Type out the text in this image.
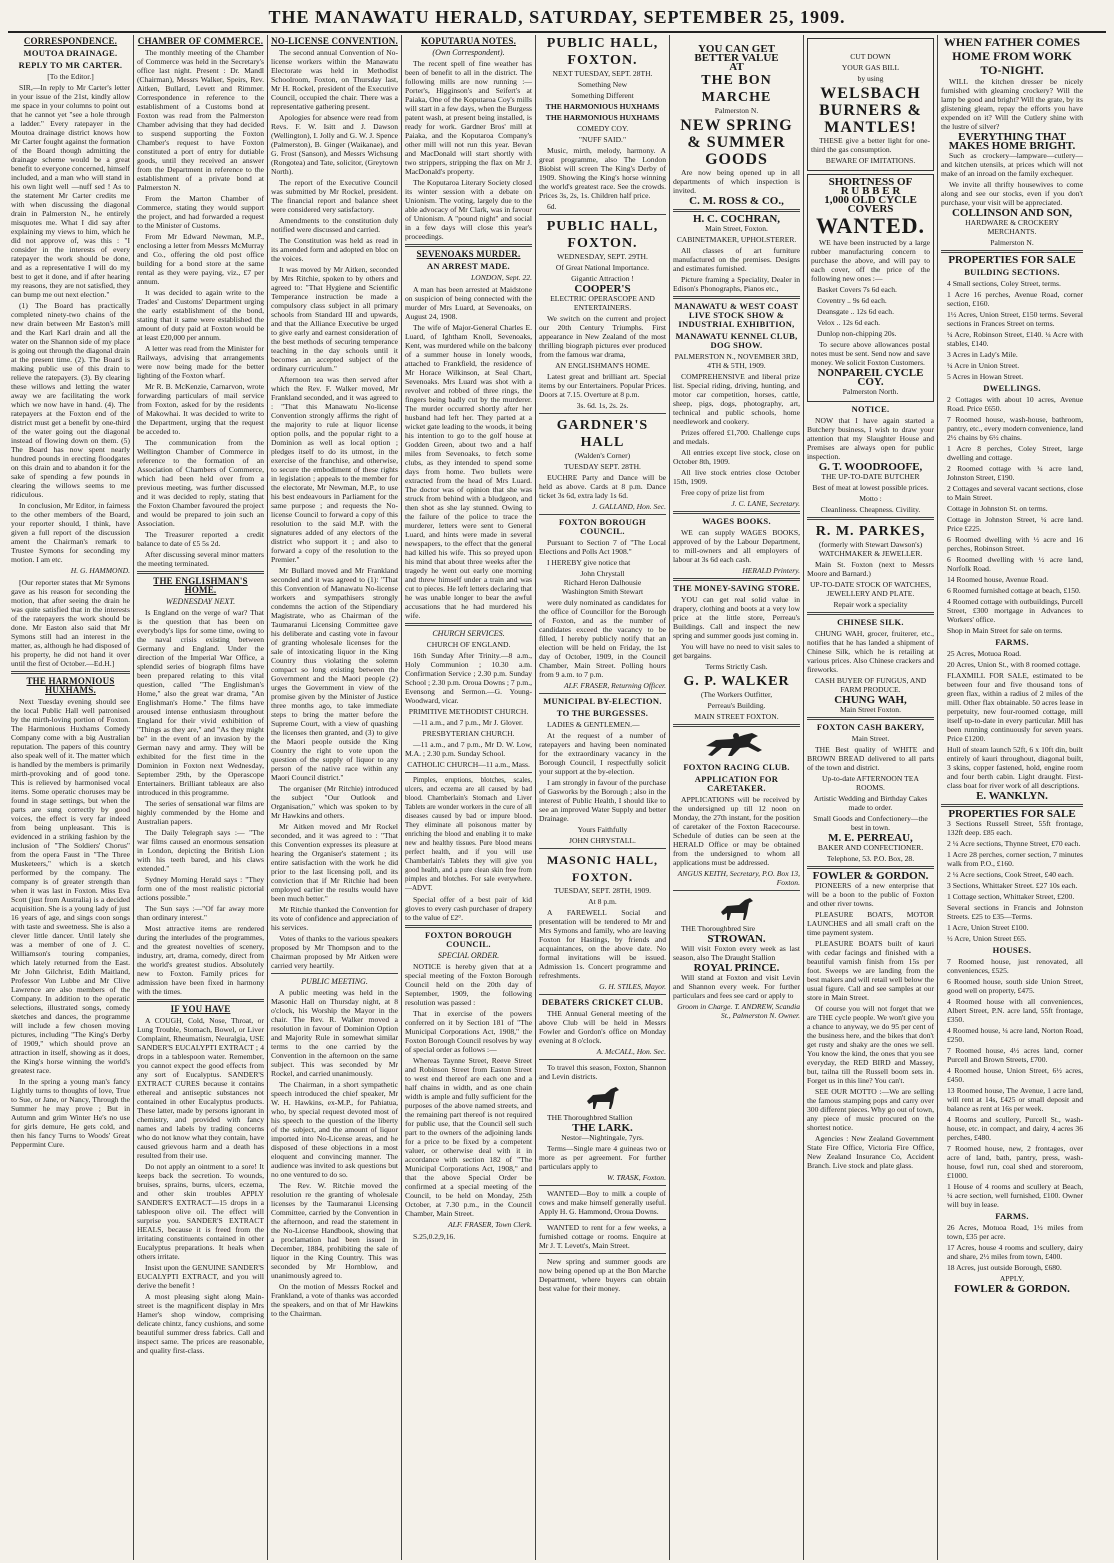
THE MANAWATU HERALD, SATURDAY, SEPTEMBER 25, 1909.
CORRESPONDENCE.
MOUTOA DRAINAGE.
REPLY TO MR CARTER.

[To the Editor.]

SIR,—In reply to Mr Carter's letter in your issue of the 21st, kindly allow me space in your columns to point out that he cannot yet "see a hole through a ladder." Every ratepayer in the Moutoa drainage district knows how Mr Carter fought against the formation of the Board though admitting the drainage scheme would be a great benefit to everyone concerned, himself included, and a man who will stand in his own light well —nuff sed ! As to the statement Mr Carter credits me with when discussing the diagonal drain in Palmerston N., he entirely misquotes me. What I did say after explaining my views to him, which he did not approve of, was this : "I consider in the interests of every ratepayer the work should be done, and as a representative I will do my best to get it done, and if after hearing my reasons, they are not satisfied, they can bump me out next election."

(1) The Board has practically completed ninety-two chains of the new drain between Mr Easton's mill and the Karl Karl drain and all the water on the Shannon side of my place is going out through the diagonal drain at the present time. (2). The Board is making public use of this drain to relieve the ratepayers. (3). By clearing these willows and letting the water away we are facilitating the work which we now have in hand. (4). The ratepayers at the Foxton end of the district must get a benefit by one-third of the water going out the diagonal instead of flowing down on them. (5) The Board has now spent nearly hundred pounds in erecting floodgates on this drain and to abandon it for the sake of spending a few pounds in clearing the willows seems to me ridiculous.

In conclusion, Mr Editor, in fairness to the other members of the Board, your reporter should, I think, have given a full report of the discussion ament the Chairman's remark to Trustee Symons for seconding my motion. I am etc.

H. G. HAMMOND.

[Our reporter states that Mr Symons gave as his reason for seconding the motion, that after seeing the drain he was quite satisfied that in the interests of the ratepayers the work should be done. Mr Easton also said that Mr Symons still had an interest in the matter, as, although he had disposed of his property, he did not hand it over until the first of October.—Ed.H.]

THE HARMONIOUS HUXHAMS.

Next Tuesday evening should see the local Public Hall well patronised by the mirth-loving portion of Foxton. The Harmonious Huxhams Comedy Company come with a big Australian reputation. The papers of this country also speak well of it. The matter which is handled by the members is primarily mirth-provoking and of good tone. This is relieved by harmonised vocal items. Some operatic choruses may be found in stage settings, but when the parts are sung correctly by good voices, the effect is very far indeed from being unpleasant. This is evidenced in a striking fashion by the inclusion of "The Soldiers' Chorus" from the opera Faust in "The Three Musketeers," which is a sketch performed by the company. The company is of greater strength than when it was last in Foxton. Miss Eva Scott (just from Australia) is a decided acquisition. She is a young lady of just 16 years of age, and sings coon songs with taste and sweetness. She is also a clever little dancer. Until lately she was a member of one of J. C. Williamson's touring companies, which lately returned from the East. Mr John Gilchrist, Edith Maitland, Professor Von Lubbe and Mr Clive Lawrence are also members of the Company. In addition to the operatic selections, illustrated songs, comedy sketches and dances, the programme will include a few chosen moving pictures, including "The King's Derby of 1909," which should prove an attraction in itself, showing as it does, the King's horse winning the world's greatest race.

In the spring a young man's fancy Lightly turns to thoughts of love, True to Sue, or Jane, or Nancy, Through the Summer he may prove ; But in Autumn and grim Winter He's no use for girls demure, He gets cold, and then his fancy Turns to Woods' Great Peppermint Cure.

CHAMBER OF COMMERCE.

The monthly meeting of the Chamber of Commerce was held in the Secretary's office last night. Present : Dr. Mandl (Chairman), Messrs Walker, Speirs, Rev. Aitken, Bullard, Levett and Rimmer. Correspondence in reference to the establishment of a Customs bond at Foxton was read from the Palmerston Chamber advising that they had decided to suspend supporting the Foxton Chamber's request to have Foxton constituted a port of entry for dutiable goods, until they received an answer from the Department in reference to the establishment of a private bond at Palmerston N.

From the Marton Chamber of Commerce, stating they would support the project, and had forwarded a request to the Minister of Customs.

From Mr Edward Newman, M.P., enclosing a letter from Messrs McMurray and Co., offering the old post office building for a bond store at the same rental as they were paying, viz., £7 per annum.

It was decided to again write to the Trades' and Customs' Department urging the early establishment of the bond, stating that it same were established the amount of duty paid at Foxton would be at least £20,000 per annum.

A letter was read from the Minister for Railways, advising that arrangements were now being made for the better lighting of the Foxton wharf.

Mr R. B. McKenzie, Carnarvon, wrote forwarding particulars of mail service from Foxton, asked for by the residents of Makowhai. It was decided to write to the Department, urging that the request be acceded to.

The communication from the Wellington Chamber of Commerce in reference to the formation of an Association of Chambers of Commerce, which had been held over from a previous meeting, was further discussed and it was decided to reply, stating that the Foxton Chamber favoured the project and would be prepared to join such an Association.

The Treasurer reported a credit balance to date of £5 5s 2d.

After discussing several minor matters the meeting terminated.

THE ENGLISHMAN'S HOME.
WEDNESDAY NEXT.

Is England on the verge of war? That is the question that has been on everybody's lips for some time, owing to the naval crisis existing between Germany and England. Under the direction of the Imperial War Office, a splendid series of biograph films have been prepared relating to this vital question, called "The Englishman's Home," also the great war drama, "An Englishman's Home." The films have aroused intense enthusiasm throughout England for their vivid exhibition of "Things as they are," and "As they might be" in the event of an invasion by the German navy and army. They will be exhibited for the first time in the Dominion in Foxton next Wednesday, September 29th, by the Operascope Entertainers. Brilliant tableaux are also introduced in this programme.

The series of sensational war films are highly commended by the Home and Australian papers.

The Daily Telegraph says :— "The war films caused an enormous sensation in London, depicting the British Lion with his teeth bared, and his claws extended."

Sydney Morning Herald says : "They form one of the most realistic pictorial actions possible."

The Sun says :—"Of far away more than ordinary interest."

Most attractive items are rendered during the interludes of the programmes, and the greatest novelties of scenery, industry, art, drama, comedy, direct from the world's greatest studios. Absolutely new to Foxton. Family prices for admission have been fixed in harmony with the times.

IF YOU HAVE

A COUGH, Cold, Nose, Throat, or Lung Trouble, Stomach, Bowel, or Liver Complaint, Rheumatism, Neuralgia, USE SANDER'S EUCALYPTI EXTRACT ; 4 drops in a tablespoon water. Remember, you cannot expect the good effects from any sort of Eucalyptus. SANDER'S EXTRACT CURES because it contains ethereal and antiseptic substances not contained in other Eucalyptus products. These latter, made by persons ignorant in chemistry, and provided with fancy names and labels by trading concerns who do not know what they contain, have caused grievous harm and a death has resulted from their use.

Do not apply an ointment to a sore! It keeps back the secretion. To wounds, bruises, sprains, burns, ulcers, eczema, and other skin troubles APPLY SANDER'S EXTRACT—15 drops in a tablespoon olive oil. The effect will surprise you. SANDER'S EXTRACT HEALS, because it is freed from the irritating constituents contained in other Eucalyptus preparations. It heals when others irritate.

Insist upon the GENUINE SANDER'S EUCALYPTI EXTRACT, and you will derive the benefit !

A most pleasing sight along Main-street is the magnificent display in Mrs Hamer's shop window, comprising delicate chintz, fancy cushions, and some beautiful summer dress fabrics. Call and inspect same. The prices are reasonable, and quality first-class.

NO-LICENSE CONVENTION.

The second annual Convention of No-license workers within the Manawatu Electorate was held in Methodist Schoolroom, Foxton, on Thursday last, Mr H. Rockel, president of the Executive Council, occupied the chair. There was a representative gathering present.

Apologies for absence were read from Revs. F. W. Isitt and J. Dawson (Wellington), I. Jolly and G. W. J. Spence (Palmerston), B. Ginger (Waikanae), and G. Frost (Sanson), and Messrs Wichsung (Rongotea) and Tate, solicitor, (Greytown North).

The report of the Executive Council was submitted by Mr Rockel, president. The financial report and balance sheet were considered very satisfactory.

Amendments to the constitution duly notified were discussed and carried.

The Constitution was held as read in its amended form and adopted en bloc on the voices.

It was moved by Mr Aitken, seconded by Mrs Ritchie, spoken to by others and agreed to: "That Hygiene and Scientific Temperance instruction be made a compulsory class subject in all primary schools from Standard III and upwards, and that the Alliance Executive be urged to give early and earnest consideration of the best methods of securing temperance teaching in the day schools until it becomes an accepted subject of the ordinary curriculum."

Afternoon tea was then served after which the Rev. F. Walker moved, Mr Frankland seconded, and it was agreed to : "That this Manawatu No-license Convention strongly affirms the right of the majority to rule at liquor license option polls, and the popular right to a Dominion as well as local option ; pledges itself to do its utmost, in the exercise of the franchise, and otherwise, to secure the embodiment of these rights in legislation ; appeals to the member for the electorate, Mr Newman, M.P., to use his best endeavours in Parliament for the same purpose ; and requests the No-license Council to forward a copy of this resolution to the said M.P. with the signatures added of any electors of the district who support it ; and also to forward a copy of the resolution to the Premier."

Mr Bullard moved and Mr Frankland seconded and it was agreed to (1): "That this Convention of Manawatu No-license workers and sympathisers strongly condemns the action of the Stipendiary Magistrate, who as Chairman of the Taumaranui Licensing Committee gave his deliberate and casting vote in favour of granting wholesale licenses for the sale of intoxicating liquor in the King Country thus violating the solemn compact so long existing between the Government and the Maori people (2) urges the Government in view of the promise given by the Minister of Justice three months ago, to take immediate steps to bring the matter before the Supreme Court, with a view of quashing the licenses then granted, and (3) to give the Maori people outside the King Country the right to vote upon the question of the supply of liquor to any person of the native race within any Maori Council district."

The organiser (Mr Ritchie) introduced the subject "Our Outlook and Organisation," which was spoken to by Mr Hawkins and others.

Mr Aitken moved and Mr Rockel seconded, and it was agreed to : "That this Convention expresses its pleasure at hearing the Organiser's statement ; its entire satisfaction with the work he did prior to the last licensing poll, and its conviction that if Mr Ritchie had been employed earlier the results would have been much better."

Mr Ritchie thanked the Convention for its vote of confidence and appreciation of his services.

Votes of thanks to the various speakers proposed by Mr Thompson and to the Chairman proposed by Mr Aitken were carried very heartily.

PUBLIC MEETING.

A public meeting was held in the Masonic Hall on Thursday night, at 8 o'clock, his Worship the Mayor in the chair. The Rev. R. Walker moved a resolution in favour of Dominion Option and Majority Rule in somewhat similar terms to the one carried by the Convention in the afternoon on the same subject. This was seconded by Mr Rockel, and carried unanimously.

The Chairman, in a short sympathetic speech introduced the chief speaker, Mr W. H. Hawkins, ex-M.P., for Pahiatua, who, by special request devoted most of his speech to the question of the liberty of the subject, and the amount of liquor imported into No-License areas, and he disposed of these objections in a most eloquent and convincing manner. The audience was invited to ask questions but no one ventured to do so.

The Rev. W. Ritchie moved the resolution re the granting of wholesale licenses by the Taumaranui Licensing Committee, carried by the Convention in the afternoon, and read the statement in the No-License Handbook, showing that a proclamation had been issued in December, 1884, prohibiting the sale of liquor in the King Country. This was seconded by Mr Hornblow, and unanimously agreed to.

On the motion of Messrs Rockel and Frankland, a vote of thanks was accorded the speakers, and on that of Mr Hawkins to the Chairman.

KOPUTARUA NOTES.
(Own Correspondent).

The recent spell of fine weather has been of benefit to all in the district. The following mills are now running :—Porter's, Higginson's and Seifert's at Paiaka, One of the Koputaroa Coy's mills will start in a few days, when the Burgess patent wash, at present being installed, is ready for work. Gardner Bros' mill at Paiaka, and the Koputaroa Company's other mill will not run this year. Bevan and MacDonald will start shortly with two strippers, stripping the flax on Mr J. MacDonald's property.

The Koputaroa Literary Society closed its winter session with a debate on Unionism. The voting, largely due to the able advocacy of Mr Clark, was in favour of Unionism. A "pound night" and social in a few days will close this year's proceedings.

SEVENOAKS MURDER.
AN ARREST MADE.

LONDON, Sept. 22.

A man has been arrested at Maidstone on suspicion of being connected with the murder of Mrs Luard, at Sevenoaks, on August 24, 1908.

The wife of Major-General Charles E. Luard, of Ightham Knoll, Sevenoaks, Kent, was murdered while on the balcony of a summer house in lonely woods, attached to Frankfield, the residence of Mr Horace Wilkinson, at Seal Chart, Sevenoaks. Mrs Luard was shot with a revolver and robbed of three rings, the fingers being badly cut by the murderer. The murder occurred shortly after her husband had left her. They parted at a wicket gate leading to the woods, it being his intention to go to the golf house at Godden Green, about two and a half miles from Sevenoaks, to fetch some clubs, as they intended to spend some days from home. Two bullets were extracted from the head of Mrs Luard. The doctor was of opinion that she was struck from behind with a bludgeon, and then shot as she lay stunned. Owing to the failure of the police to trace the murderer, letters were sent to General Luard, and hints were made in several newspapers, to the effect that the general had killed his wife. This so preyed upon his mind that about three weeks after the tragedy he went out early one morning and threw himself under a train and was cut to pieces. He left letters declaring that he was unable longer to bear the awful accusations that he had murdered his wife.

CHURCH SERVICES.

CHURCH OF ENGLAND.

16th Sunday After Trinity.—8 a.m., Holy Communion ; 10.30 a.m. Confirmation Service ; 2.30 p.m. Sunday School ; 2.30 p.m. Oroua Downs ; 7 p.m., Evensong and Sermon.—G. Young-Woodward, vicar.

PRIMITIVE METHODIST CHURCH.

—11 a.m., and 7 p.m., Mr J. Glover.

PRESBYTERIAN CHURCH.

—11 a.m., and 7 p.m., Mr D. W. Low, M.A. ; 2.30 p.m. Sunday School.

CATHOLIC CHURCH—11 a.m., Mass.

Pimples, eruptions, blotches, scales, ulcers, and eczema are all caused by bad blood. Chamberlain's Stomach and Liver Tablets are wonder workers in the cure of all diseases caused by bad or impure blood. They eliminate all poisonous matter by enriching the blood and enabling it to make new and healthy tissues. Pure blood means perfect health, and if you will use Chamberlain's Tablets they will give you good health, and a pure clean skin free from pimples and blotches. For sale everywhere.—ADVT.

Special offer of a best pair of kid gloves to every cash purchaser of drapery to the value of £2°.

FOXTON BOROUGH COUNCIL.
SPECIAL ORDER.

NOTICE is hereby given that at a special meeting of the Foxton Borough Council held on the 20th day of September, 1909, the following resolution was passed :

That in exercise of the powers conferred on it by Section 181 of "The Municipal Corporations Act, 1908," the Foxton Borough Council resolves by way of special order as follows :—

Whereas Taynne Street, Reeve Street and Robinson Street from Easton Street to west end thereof are each one and a half chains in width, and as one chain width is ample and fully sufficient for the purposes of the above named streets, and the remaining part thereof is not required for public use, that the Council sell such part to the owners of the adjoining lands for a price to be fixed by a competent valuer, or otherwise deal with it in accordance with section 182 of "The Municipal Corporations Act, 1908," and that the above Special Order be confirmed at a special meeting of the Council, to be held on Monday, 25th October, at 7.30 p.m., in the Council Chamber, Main Street.

ALF. FRASER, Town Clerk.

S.25,0.2,9,16.

PUBLIC HALL, FOXTON.

NEXT TUESDAY, SEPT. 28TH.

Something New

Something Different

THE HARMONIOUS HUXHAMS

THE HARMONIOUS HUXHAMS

COMEDY COY.

"NUFF SAID."

Music, mirth, melody, harmony. A great programme, also The London Biobist will screen The King's Derby of 1909. Showing the King's horse winning the world's greatest race. See the crowds. Prices 3s, 2s, 1s. Children half price.

6d.

PUBLIC HALL, FOXTON.

WEDNESDAY, SEPT. 29TH.

Of Great National Importance.

Gigantic Attraction !

COOPER'S

ELECTRIC OPERASCOPE AND ENTERTAINERS.

We switch on the current and project our 20th Century Triumphs. First appearance in New Zealand of the most thrilling biograph pictures ever produced from the famous war drama,

AN ENGLISHMAN'S HOME.

Latest great and brilliant art. Special items by our Entertainers. Popular Prices. Doors at 7.15. Overture at 8 p.m.

3s. 6d. 1s, 2s. 2s.

GARDNER'S HALL

(Walden's Corner)

TUESDAY SEPT. 28TH.

EUCHRE Party and Dance will be held as above. Cards at 8 p.m. Dance ticket 3s 6d, extra lady 1s 6d.

J. GALLAND, Hon. Sec.
FOXTON BOROUGH COUNCIL.

Pursuant to Section 7 of "The Local Elections and Polls Act 1908."

I HEREBY give notice that

John Chrystall
Richard Heron Dalhousie
Washington Smith Stewart

were duly nominated as candidates for the office of Councillor for the Borough of Foxton, and as the number of candidates exceed the vacancy to be filled, I hereby publicly notify that an election will be held on Friday, the 1st day of October, 1909, in the Council Chamber, Main Street. Polling hours from 9 a.m. to 7 p.m.

ALF. FRASER, Returning Officer.
MUNICIPAL BY-ELECTION.
TO THE BURGESSES.

LADIES & GENTLEMEN.—

At the request of a number of ratepayers and having been nominated for the extraordinary vacancy in the Borough Council, I respectfully solicit your support at the by-election.

I am strongly in favour of the purchase of Gasworks by the Borough ; also in the interest of Public Health, I should like to see an improved Water Supply and better Drainage.

Yours Faithfully

JOHN CHRYSTALL.

MASONIC HALL, FOXTON.

TUESDAY, SEPT. 28TH, 1909.

At 8 p.m.

A FAREWELL Social and presentation will be tendered to Mr and Mrs Symons and family, who are leaving Foxton for Hastings, by friends and acquaintances, on the above date. No formal invitations will be issued. Admission 1s. Concert programme and refreshments.

G. H. STILES, Mayor.
DEBATERS CRICKET CLUB.

THE Annual General meeting of the above Club will be held in Messrs Fowler and Gordon's office on Monday evening at 8 o'clock.

A. McCALL, Hon. Sec.

To travel this season, Foxton, Shannon and Levin districts.

THE Thoroughbred Stallion

THE LARK.

Nestor—Nightingale, 7yrs.

Terms—Single mare 4 guineas two or more as per agreement. For further particulars apply to

W. TRASK, Foxton.

WANTED—Boy to milk a couple of cows and make himself generally useful. Apply H. G. Hammond, Oroua Downs.

WANTED to rent for a few weeks, a furnished cottage or rooms. Enquire at Mr J. T. Levett's, Main Street.

New spring and summer goods are now being opened up at the Bon Marche Department, where buyers can obtain best value for their money.

YOU CAN GET
BETTER VALUE
AT
THE BON MARCHE

Palmerston N.

NEW SPRING
& SUMMER
GOODS

Are now being opened up in all departments of which inspection is invited.

C. M. ROSS & CO.,
H. C. COCHRAN,

Main Street, Foxton.

CABINETMAKER, UPHOLSTERER.

All classes of art furniture manufactured on the premises. Designs and estimates furnished.

Picture framing a Speciality, Dealer in Edison's Phonographs, Pianos etc.,

MANAWATU & WEST COAST LIVE STOCK SHOW & INDUSTRIAL EXHIBITION,
MANAWATU KENNEL CLUB, DOG SHOW.

PALMERSTON N., NOVEMBER 3RD, 4TH & 5TH, 1909.

COMPREHENSIVE and liberal prize list. Special riding, driving, hunting, and motor car competition, horses, cattle, sheep, pigs, dogs, photography, art, technical and public schools, home needlework and cookery.

Prizes offered £1,700. Challenge cups and medals.

All entries except live stock, close on October 8th, 1909.

All live stock entries close October 15th, 1909.

Free copy of prize list from

J. C. LANE, Secretary.
WAGES BOOKS.

WE can supply WAGES BOOKS, approved of by the Labour Department, to mill-owners and all employers of labour at 3s 6d each cash.

HERALD Printery.
THE MONEY-SAVING STORE.

YOU can get real solid value in drapery, clothing and boots at a very low price at the little store, Perreau's Buildings. Call and inspect the new spring and summer goods just coming in.

You will have no need to visit sales to get bargains.

Terms Strictly Cash.

G. P. WALKER

(The Workers Outfitter,

Perreau's Building.

MAIN STREET FOXTON.

FOXTON RACING CLUB.
APPLICATION FOR CARETAKER.

APPLICATIONS will be received by the undersigned up till 12 noon on Monday, the 27th instant, for the position of caretaker of the Foxton Racecourse. Schedule of duties can be seen at the HERALD Office or may be obtained from the undersigned to whom all applications must be addressed.

ANGUS KEITH, Secretary, P.O. Box 13, Foxton.

THE Thoroughbred Sire

STROWAN.

Will visit Foxton every week as last season, also The Draught Stallion

ROYAL PRINCE.

Will stand at Foxton and visit Levin and Shannon every week. For further particulars and fees see card or apply to

Groom in Charge. T. ANDREW, Scandia St., Palmerston N. Owner.

CUT DOWN

YOUR GAS BILL

by using

WELSBACH
BURNERS &
MANTLES!

THESE give a better light for one-third the gas consumption.

BEWARE OF IMITATIONS.

SHORTNESS OF
R U B B E R
1,000 OLD CYCLE COVERS
WANTED.

WE have been instructed by a large rubber manufacturing concern to purchase the above, and will pay to each cover, off the price of the following new ones :—

Basket Covers 7s 6d each.

Coventry .. 9s 6d each.

Deansgate .. 12s 6d each.

Velox .. 12s 6d each.

Dunlop non-chipping 20s.

To secure above allowances postal notes must be sent. Send now and save money. We solicit Foxton Customers.

NONPAREIL CYCLE COY.

Palmerston North.

NOTICE.

NOW that I have again started a Butchery business, I wish to draw your attention that my Slaughter House and Premises are always open for public inspection.

G. T. WOODROOFE,

THE UP-TO-DATE BUTCHER

Best of meat at lowest possible prices.

Motto :

Cleanliness. Cheapness. Civility.

R. M. PARKES,

(formerly with Stewart Dawson's) WATCHMAKER & JEWELLER.

Main St. Foxton (next to Messrs Moore and Barnard.)

UP-TO-DATE STOCK OF WATCHES, JEWELLERY AND PLATE.

Repair work a speciality

CHINESE SILK.

CHUNG WAH, grocer, fruiterer, etc., notifies that he has landed a shipment of Chinese Silk, which he is retailing at various prices. Also Chinese crackers and fireworks.

CASH BUYER OF FUNGUS, AND FARM PRODUCE.

CHUNG WAH,

Main Street Foxton.

FOXTON CASH BAKERY,

Main Street.

THE Best quality of WHITE and BROWN BREAD delivered to all parts of the town and district.

Up-to-date AFTERNOON TEA ROOMS.

Artistic Wedding and Birthday Cakes made to order.

Small Goods and Confectionery—the best in town.

M. E. PERREAU,

BAKER AND CONFECTIONER.

Telephone, 53. P.O. Box, 28.

FOWLER & GORDON.

PIONEERS of a new enterprise that will be a boon to the public of Foxton and other river towns.

PLEASURE BOATS, MOTOR LAUNCHES and all small craft on the time payment system.

PLEASURE BOATS built of kauri with cedar facings and finished with a beautiful varnish finish from 15s per foot. Sweeps we are landing from the best makers and will retail well below the usual figure. Call and see samples at our store in Main Street.

Of course you will not forget that we are THE cycle people. We won't give you a chance to anyway, we do 95 per cent of the business here, and the bikes that don't get rusty and shaky are the ones we sell. You know the kind, the ones that you see everyday, the RED BIRD and Massey, but, tailna till the Russell boom sets in. Forget us in this line? You can't.

SEE OUR MOTTO :—We are selling the famous stamping pops and carry over 300 different pieces. Why go out of town, any piece of music procured on the shortest notice.

Agencies : New Zealand Government State Fire Office, Victoria Fire Office, New Zealand Insurance Co, Accident Branch. Live stock and plate glass.

WHEN FATHER COMES HOME FROM WORK TO-NIGHT.

WILL the kitchen dresser be nicely furnished with gleaming crockery? Will the lamp be good and bright? Will the grate, by its glistening gleam, repay the efforts you have expended on it? Will the Cutlery shine with the lustre of silver?

EVERYTHING THAT MAKES HOME BRIGHT.

Such as crockery—lampware—cutlery—and kitchen utensils, at prices which will not make of an inroad on the family exchequer.

We invite all thrifty housewives to come along and see our stocks, even if you don't purchase, your visit will be appreciated.

COLLINSON AND SON,

HARDWARE & CROCKERY MERCHANTS.

Palmerston N.

PROPERTIES FOR SALE
BUILDING SECTIONS.

4 Small sections, Coley Street, terms.

1 Acre 16 perches, Avenue Road, corner section, £160.

1½ Acres, Union Street, £150 terms. Several sections in Frances Street on terms.

¼ Acre, Robinson Street, £140. ¼ Acre with stables, £140.

3 Acres in Lady's Mile.

¼ Acre in Union Street.

5 Acres in Howan Street.

DWELLINGS.

2 Cottages with about 10 acres, Avenue Road. Price £650.

7 Roomed house, wash-house, bathroom, pantry, etc., every modern convenience, land 2½ chains by 6½ chains.

1 Acre 8 perches, Coley Street, large dwelling and cottage.

2 Roomed cottage with ¼ acre land, Johnston Street, £190.

2 Cottages and several vacant sections, close to Main Street.

Cottage in Johnston St. on terms.

Cottage in Johnston Street, ¼ acre land. Price £225.

6 Roomed dwelling with ½ acre and 16 perches, Robinson Street.

6 Roomed dwelling with ½ acre land, Norfolk Road.

14 Roomed house, Avenue Road.

6 Roomed furnished cottage at beach, £150.

4 Roomed cottage with outbuildings, Purcell Street, £300 mortgage in Advances to Workers' office.

Shop in Main Street for sale on terms.

FARMS.

25 Acres, Motuoa Road.

20 Acres, Union St., with 8 roomed cottage.

FLAXMILL FOR SALE, estimated to be between four and five thousand tons of green flax, within a radius of 2 miles of the mill. Other flax obtainable. 50 acres lease in perpetuity, new four-roomed cottage, mill itself up-to-date in every particular. Mill has been running continuously for seven years. Price £1200.

Hull of steam launch 52ft, 6 x 10ft din, built entirely of kauri throughout, diagonal built, 3 skins, copper fastened, hold, engine room and four berth cabin. Light draught. First-class boat for river work of all descriptions.

E. WANKLYN.
PROPERTIES FOR SALE

3 Sections Russell Street, 55ft frontage, 132ft deep. £85 each.

2 ¼ Acre sections, Thynne Street, £70 each.

1 Acre 28 perches, corner section, 7 minutes walk from P.O., £160.

2 ¼ Acre sections, Cook Street, £40 each.

3 Sections, Whittaker Street. £27 10s each.

1 Cottage section, Whittaker Street, £200.

Several sections in Francis and Johnston Streets. £25 to £35—Terms.

1 Acre, Union Street £100.

½ Acre, Union Street £65.

HOUSES.

7 Roomed house, just renovated, all conveniences, £525.

6 Roomed house, south side Union Street, good well on property, £475.

4 Roomed house with all conveniences, Albert Street, P.N. acre land, 55ft frontage, £350.

4 Roomed house, ¼ acre land, Norton Road, £250.

7 Roomed house, 4½ acres land, corner Purcell and Brown Streets, £700.

4 Roomed house, Union Street, 6½ acres, £450.

13 Roomed house, The Avenue, 1 acre land, will rent at 14s, £425 or small deposit and balance as rent at 16s per week.

4 Rooms and scullery, Purcell St., wash-house, etc. in compact, and dairy, 4 acres 36 perches, £480.

7 Roomed house, new, 2 frontages, over acre of land, bath, pantry, press, wash-house, fowl run, coal shed and storeroom, £1000.

1 House of 4 rooms and scullery at Beach, ¼ acre section, well furnished, £100. Owner will buy in lease.

FARMS.

26 Acres, Motuoa Road, 1½ miles from town, £35 per acre.

17 Acres, house 4 rooms and scullery, dairy and share, 2½ miles from town, £400.

18 Acres, just outside Borough, £680.

APPLY,

FOWLER & GORDON.
